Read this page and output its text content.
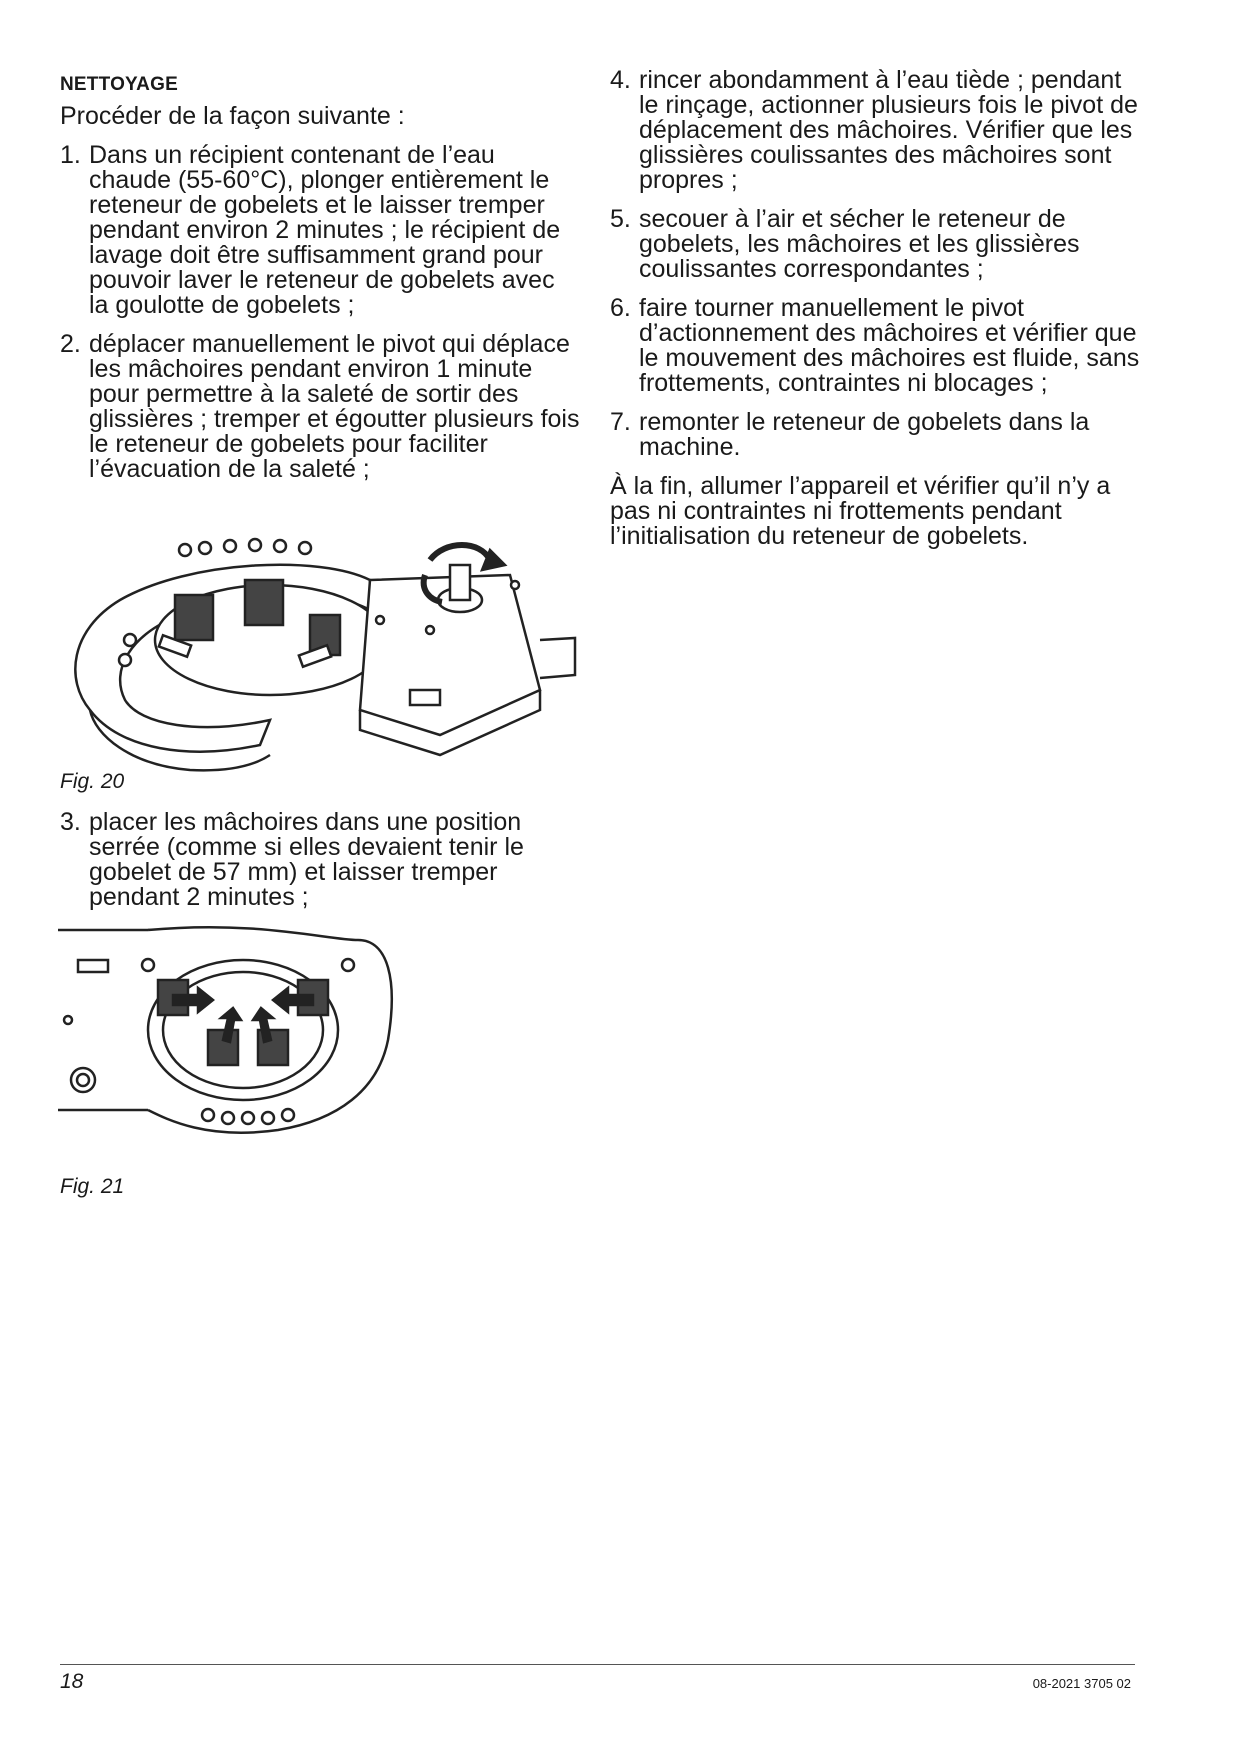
NETTOYAGE

Procéder de la façon suivante :

1. Dans un récipient contenant de l’eau chaude (55-60°C), plonger entièrement le reteneur de gobelets et le laisser tremper pendant environ 2 minutes ; le récipient de lavage doit être suffisamment grand pour pouvoir laver le reteneur de gobelets avec la goulotte de gobelets ;
2. déplacer manuellement le pivot qui déplace les mâchoires pendant environ 1 minute pour permettre à la saleté de sortir des glissières ; tremper et égoutter plusieurs fois le reteneur de gobelets pour faciliter l’évacuation de la saleté ;
Fig. 20
3. placer les mâchoires dans une position serrée (comme si elles devaient tenir le gobelet de 57 mm) et laisser tremper pendant 2 minutes ;
Fig. 21
4. rincer abondamment à l’eau tiède ; pendant le rinçage, actionner plusieurs fois le pivot de déplacement des mâchoires. Vérifier que les glissières coulissantes des mâchoires sont propres ;
5. secouer à l’air et sécher le reteneur de gobelets, les mâchoires et les glissières coulissantes correspondantes ;
6. faire tourner manuellement le pivot d’actionnement des mâchoires et vérifier que le mouvement des mâchoires est fluide, sans frottements, contraintes ni blocages ;
7. remonter le reteneur de gobelets dans la machine.

À la fin, allumer l’appareil et vérifier qu’il n’y a pas ni contraintes ni frottements pendant l’initialisation du reteneur de gobelets.

18	08-2021 3705 02
